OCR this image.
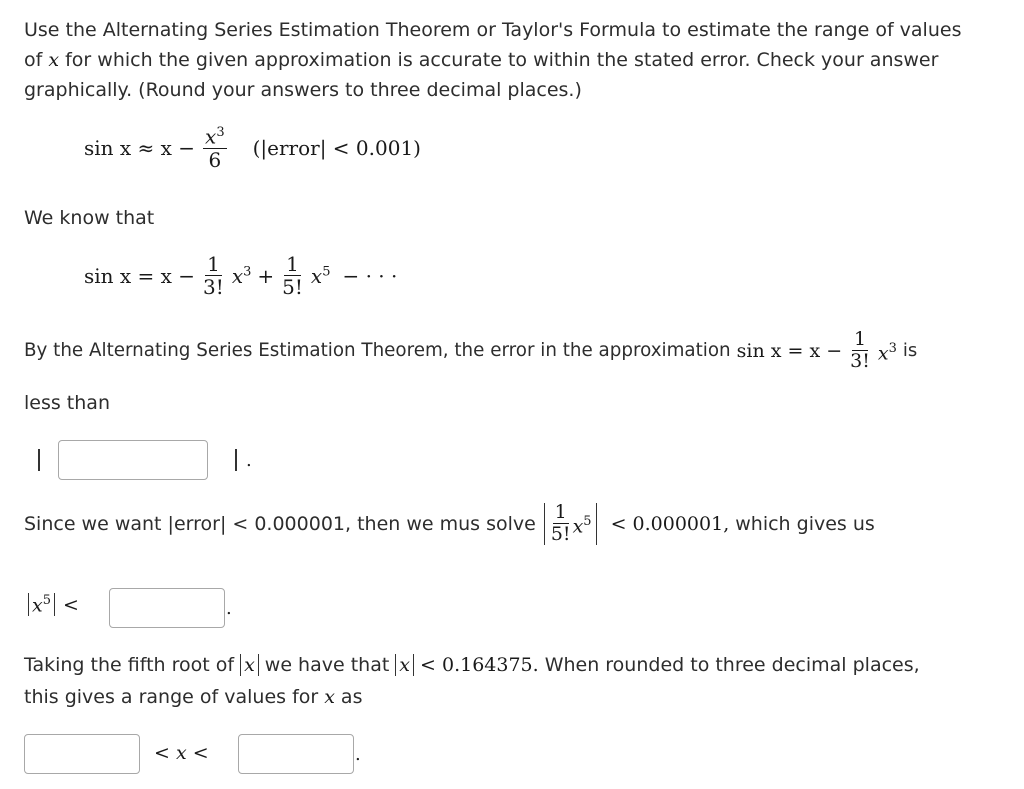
Use the Alternating Series Estimation Theorem or Taylor's Formula to estimate the range of values
of x for which the given approximation is accurate to within the stated error. Check your answer
graphically. (Round your answers to three decimal places.)
$\sin x \approx x - \frac{x^3}{6}$ (|error| < 0.001)
We know that
$\sin x = x - \frac{1}{3!} x^3 + \frac{1}{5!} x^5$ − · · ·
By the Alternating Series Estimation Theorem, the error in the approximation $\sin x = x - \frac{1}{3!} x^3$ is
less than
.
Since we want |error| < 0.000001, then we mus solve $\frac{1}{5!} x^5 < 0.000001$, which gives us
$x^5$ <	.
Taking the fifth root of x we have that x < 0.164375. When rounded to three decimal places,
this gives a range of values for x as
< x <	.
